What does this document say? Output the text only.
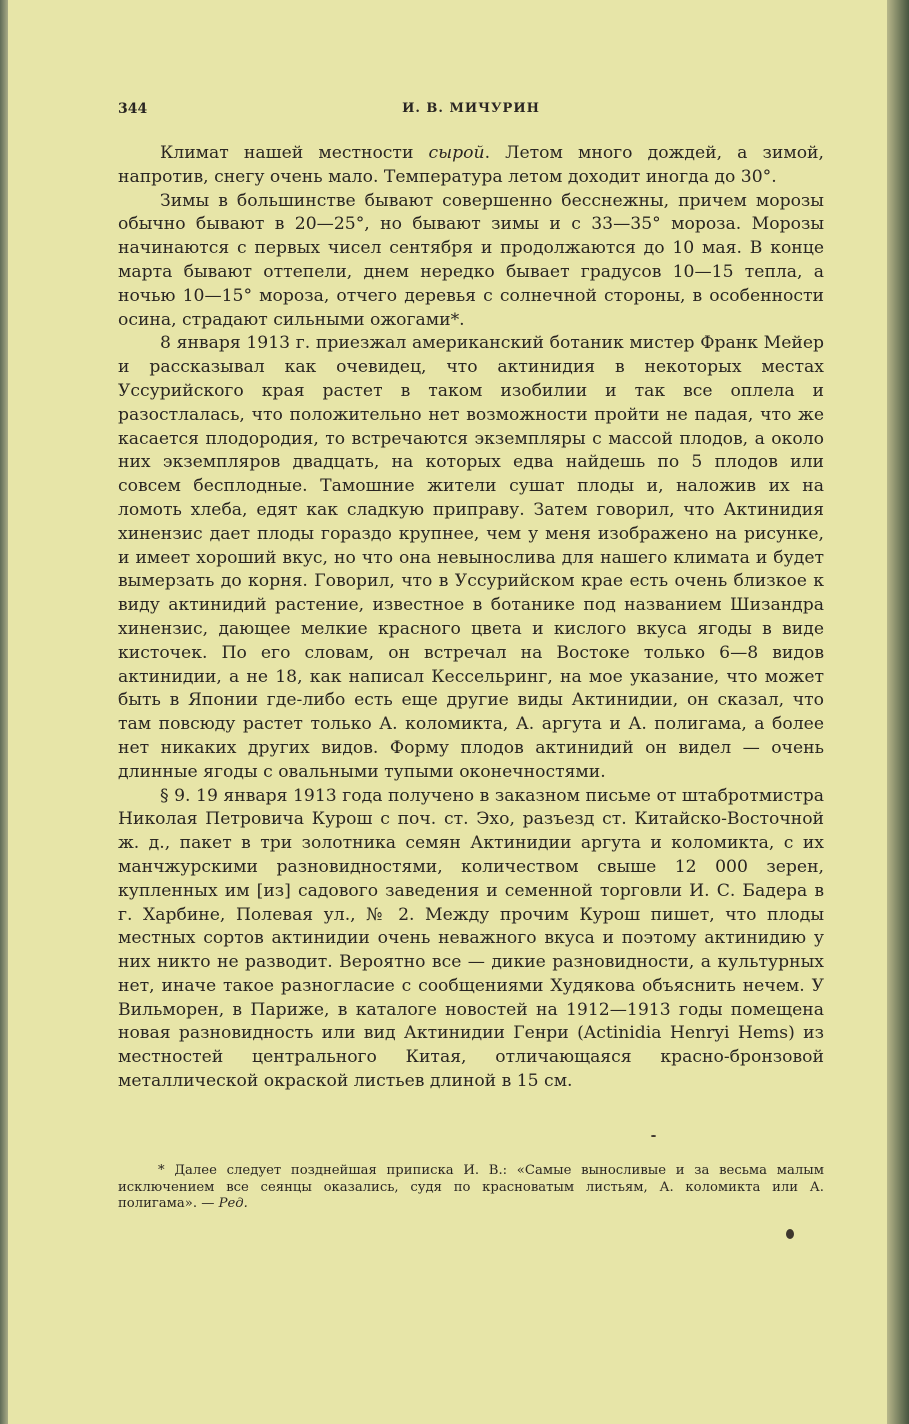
344	И. В. МИЧУРИН

Климат нашей местности сырой. Летом много дождей, а зимой, напротив, снегу очень мало. Температура летом доходит иногда до 30°.

Зимы в большинстве бывают совершенно бесснежны, причем морозы обычно бывают в 20—25°, но бывают зимы и с 33—35° мороза. Морозы начинаются с первых чисел сентября и продолжаются до 10 мая. В конце марта бывают оттепели, днем нередко бывает градусов 10—15 тепла, а ночью 10—15° мороза, отчего деревья с солнечной стороны, в особенности осина, страдают сильными ожогами*.

8 января 1913 г. приезжал американский ботаник мистер Франк Мейер и рассказывал как очевидец, что актинидия в некоторых местах Уссурийского края растет в таком изобилии и так все оплела и разостлалась, что положительно нет возможности пройти не падая, что же касается плодородия, то встречаются экземпляры с массой плодов, а около них экземпляров двадцать, на которых едва найдешь по 5 плодов или совсем бесплодные. Тамошние жители сушат плоды и, наложив их на ломоть хлеба, едят как сладкую приправу. Затем говорил, что Актинидия хинензис дает плоды гораздо крупнее, чем у меня изображено на рисунке, и имеет хороший вкус, но что она невынослива для нашего климата и будет вымерзать до корня. Говорил, что в Уссурийском крае есть очень близкое к виду актинидий растение, известное в ботанике под названием Шизандра хинензис, дающее мелкие красного цвета и кислого вкуса ягоды в виде кисточек. По его словам, он встречал на Востоке только 6—8 видов актинидии, а не 18, как написал Кессельринг, на мое указание, что может быть в Японии где-либо есть еще другие виды Актинидии, он сказал, что там повсюду растет только А. коломикта, А. аргута и А. полигама, а более нет никаких других видов. Форму плодов актинидий он видел — очень длинные ягоды с овальными тупыми оконечностями.

§ 9. 19 января 1913 года получено в заказном письме от штабротмистра Николая Петровича Курош с поч. ст. Эхо, разъезд ст. Китайско-Восточной ж. д., пакет в три золотника семян Актинидии аргута и коломикта, с их манчжурскими разновидностями, количеством свыше 12 000 зерен, купленных им [из] садового заведения и семенной торговли И. С. Бадера в г. Харбине, Полевая ул., № 2. Между прочим Курош пишет, что плоды местных сортов актинидии очень неважного вкуса и поэтому актинидию у них никто не разводит. Вероятно все — дикие разновидности, а культурных нет, иначе такое разногласие с сообщениями Худякова объяснить нечем. У Вильморен, в Париже, в каталоге новостей на 1912—1913 годы помещена новая разновидность или вид Актинидии Генри (Actinidia Henryi Hems) из местностей центрального Китая, отличающаяся красно-бронзовой металлической окраской листьев длиной в 15 см.

* Далее следует позднейшая приписка И. В.: «Самые выносливые и за весьма малым исключением все сеянцы оказались, судя по красноватым листьям, А. коломикта или А. полигама». — Ред.
